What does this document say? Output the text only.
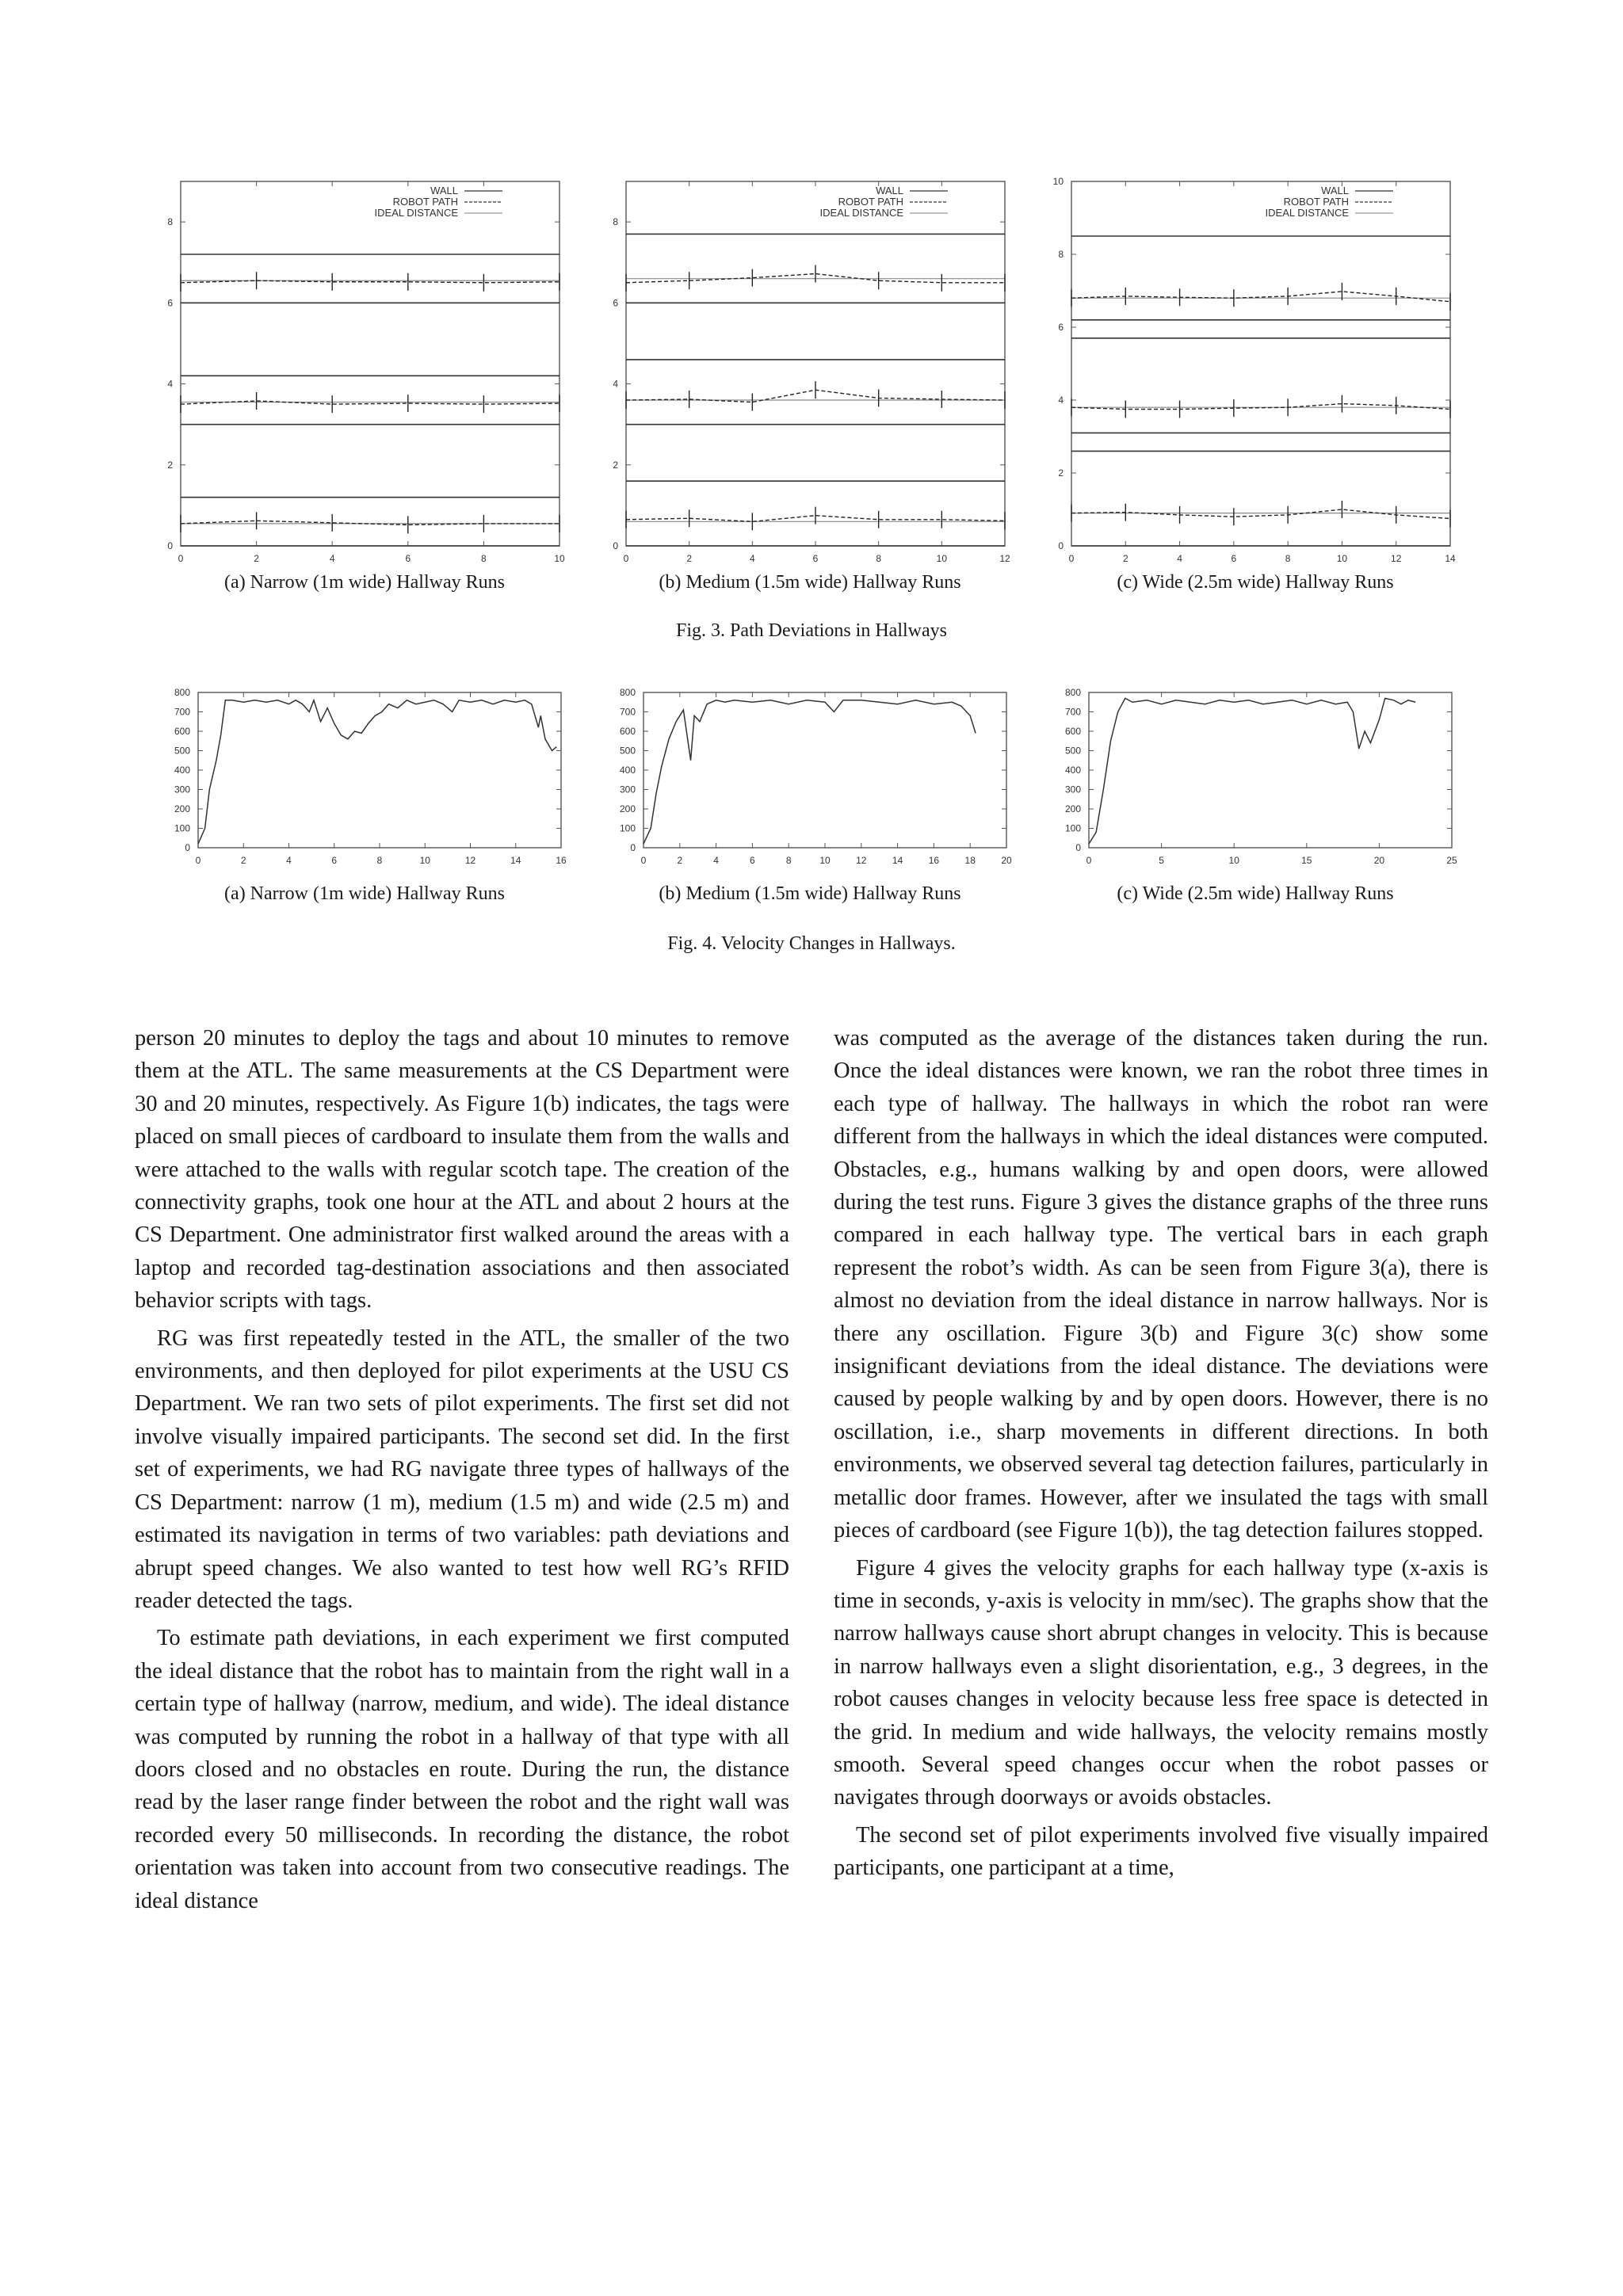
0	2	4	6	8	10
0
2
4
6
8
WALL
ROBOT PATH
IDEAL DISTANCE
0	2	4	6	8	10	12
0
2
4
6
8
WALL
ROBOT PATH
IDEAL DISTANCE
0	2	4	6	8	10	12	14
0
2
4
6
8
10
WALL
ROBOT PATH
IDEAL DISTANCE
(a) Narrow (1m wide) Hallway Runs	(b) Medium (1.5m wide) Hallway Runs	(c) Wide (2.5m wide) Hallway Runs
Fig. 3. Path Deviations in Hallways
0	2	4	6	8	10	12	14	16
0
100
200
300
400
500
600
700
800
0	2	4	6	8	10	12	14	16	18	20
0
100
200
300
400
500
600
700
800
0	5	10	15	20	25
0
100
200
300
400
500
600
700
800
(a) Narrow (1m wide) Hallway Runs	(b) Medium (1.5m wide) Hallway Runs	(c) Wide (2.5m wide) Hallway Runs
Fig. 4. Velocity Changes in Hallways.

person 20 minutes to deploy the tags and about 10 minutes to remove them at the ATL. The same measurements at the CS Department were 30 and 20 minutes, respectively. As Figure 1(b) indicates, the tags were placed on small pieces of cardboard to insulate them from the walls and were attached to the walls with regular scotch tape. The creation of the connectivity graphs, took one hour at the ATL and about 2 hours at the CS Department. One administrator first walked around the areas with a laptop and recorded tag-destination associations and then associated behavior scripts with tags.

RG was first repeatedly tested in the ATL, the smaller of the two environments, and then deployed for pilot experiments at the USU CS Department. We ran two sets of pilot experiments. The first set did not involve visually impaired participants. The second set did. In the first set of experiments, we had RG navigate three types of hallways of the CS Department: narrow (1 m), medium (1.5 m) and wide (2.5 m) and estimated its navigation in terms of two variables: path deviations and abrupt speed changes. We also wanted to test how well RG’s RFID reader detected the tags.

To estimate path deviations, in each experiment we first computed the ideal distance that the robot has to maintain from the right wall in a certain type of hallway (narrow, medium, and wide). The ideal distance was computed by running the robot in a hallway of that type with all doors closed and no obstacles en route. During the run, the distance read by the laser range finder between the robot and the right wall was recorded every 50 milliseconds. In recording the distance, the robot orientation was taken into account from two consecutive readings. The ideal distance

was computed as the average of the distances taken during the run. Once the ideal distances were known, we ran the robot three times in each type of hallway. The hallways in which the robot ran were different from the hallways in which the ideal distances were computed. Obstacles, e.g., humans walking by and open doors, were allowed during the test runs. Figure 3 gives the distance graphs of the three runs compared in each hallway type. The vertical bars in each graph represent the robot’s width. As can be seen from Figure 3(a), there is almost no deviation from the ideal distance in narrow hallways. Nor is there any oscillation. Figure 3(b) and Figure 3(c) show some insignificant deviations from the ideal distance. The deviations were caused by people walking by and by open doors. However, there is no oscillation, i.e., sharp movements in different directions. In both environments, we observed several tag detection failures, particularly in metallic door frames. However, after we insulated the tags with small pieces of cardboard (see Figure 1(b)), the tag detection failures stopped.

Figure 4 gives the velocity graphs for each hallway type (x-axis is time in seconds, y-axis is velocity in mm/sec). The graphs show that the narrow hallways cause short abrupt changes in velocity. This is because in narrow hallways even a slight disorientation, e.g., 3 degrees, in the robot causes changes in velocity because less free space is detected in the grid. In medium and wide hallways, the velocity remains mostly smooth. Several speed changes occur when the robot passes or navigates through doorways or avoids obstacles.

The second set of pilot experiments involved five visually impaired participants, one participant at a time,
